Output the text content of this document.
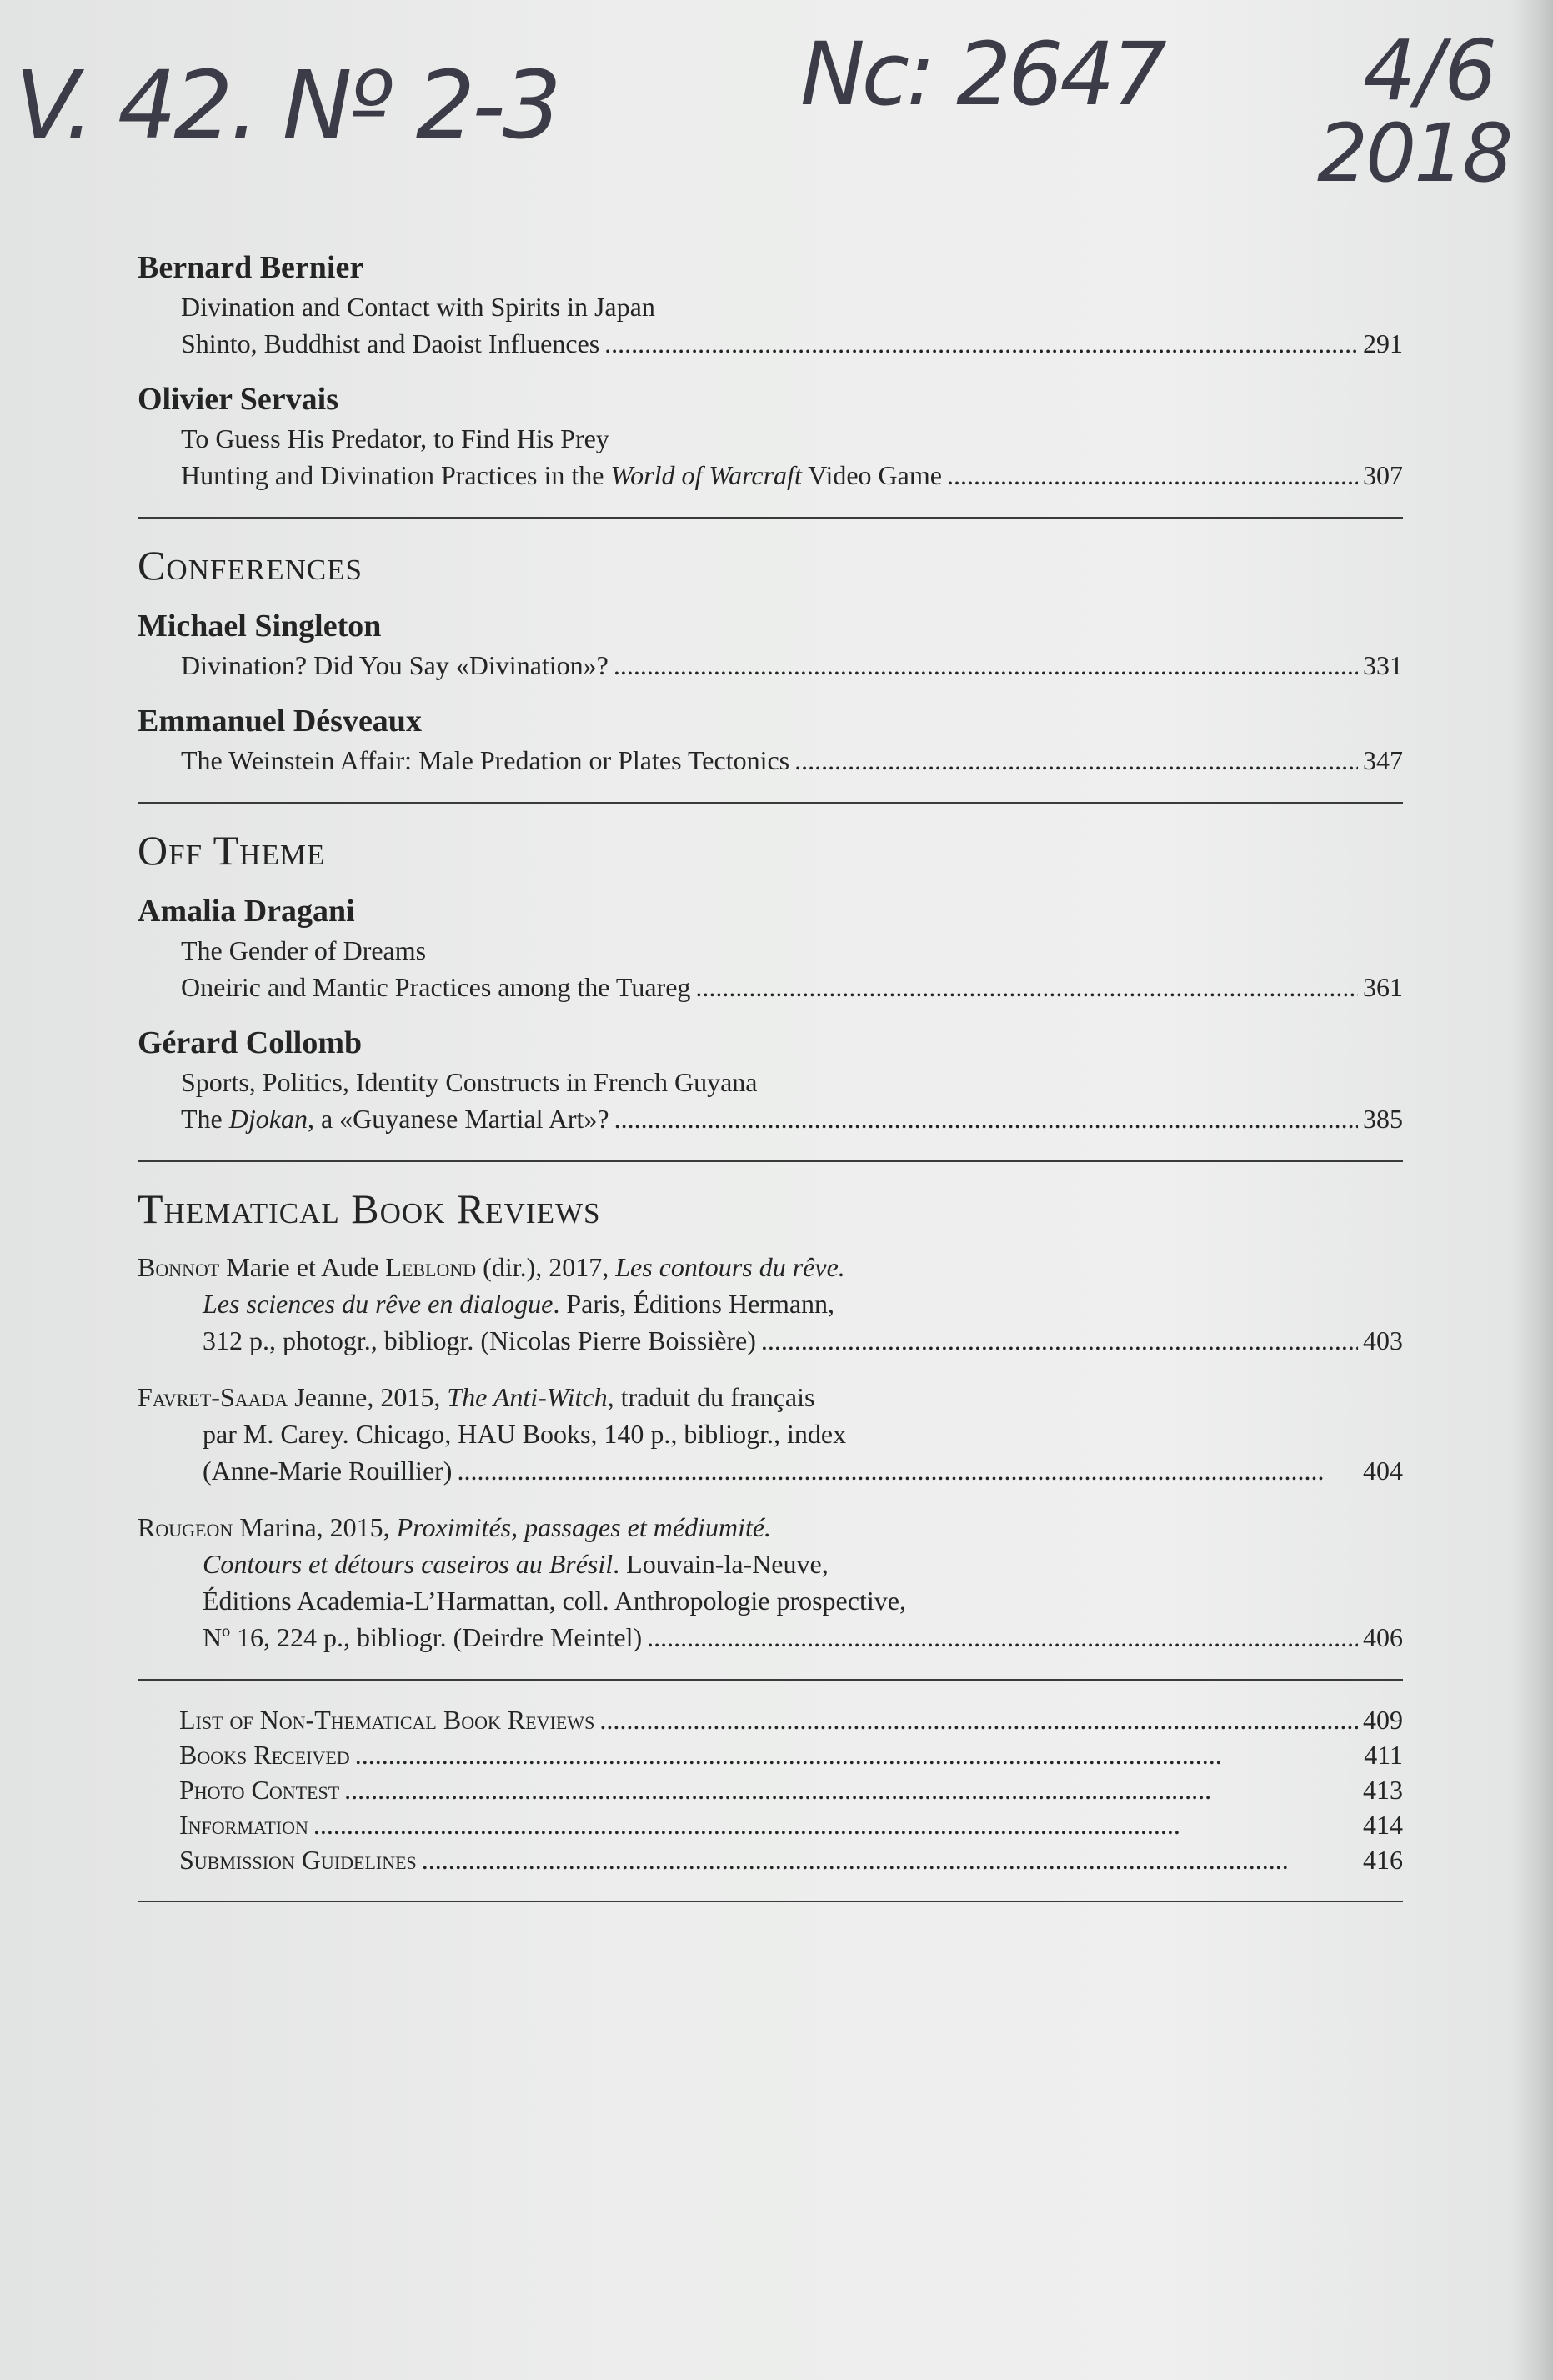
V. 42. Nº 2-3	Nc: 2647 4/6
2018
Bernard Bernier
Divination and Contact with Spirits in Japan
Shinto, Buddhist and Daoist Influences . . .	291
Olivier Servais
To Guess His Predator, to Find His Prey
Hunting and Divination Practices in the World of Warcraft Video Game . . .	307
Conferences
Michael Singleton
Divination? Did You Say «Divination»? . . .	331
Emmanuel Désveaux
The Weinstein Affair: Male Predation or Plates Tectonics . . .	347
Off Theme
Amalia Dragani
The Gender of Dreams
Oneiric and Mantic Practices among the Tuareg . . .	361
Gérard Collomb
Sports, Politics, Identity Constructs in French Guyana
The Djokan, a «Guyanese Martial Art»? . . .	385
Thematical Book Reviews
Bonnot Marie et Aude Leblond (dir.), 2017, Les contours du rêve.
Les sciences du rêve en dialogue. Paris, Éditions Hermann,
312 p., photogr., bibliogr. (Nicolas Pierre Boissière) . . .	403
Favret-Saada Jeanne, 2015, The Anti-Witch, traduit du français
par M. Carey. Chicago, HAU Books, 140 p., bibliogr., index
(Anne-Marie Rouillier) . . .	404
Rougeon Marina, 2015, Proximités, passages et médiumité.
Contours et détours caseiros au Brésil. Louvain-la-Neuve,
Éditions Academia-L’Harmattan, coll. Anthropologie prospective,
Nº 16, 224 p., bibliogr. (Deirdre Meintel) . . .	406
List of Non-Thematical Book Reviews . . .	409
Books Received . . .	411
Photo Contest . . .	413
Information . . .	414
Submission Guidelines . . .	416
